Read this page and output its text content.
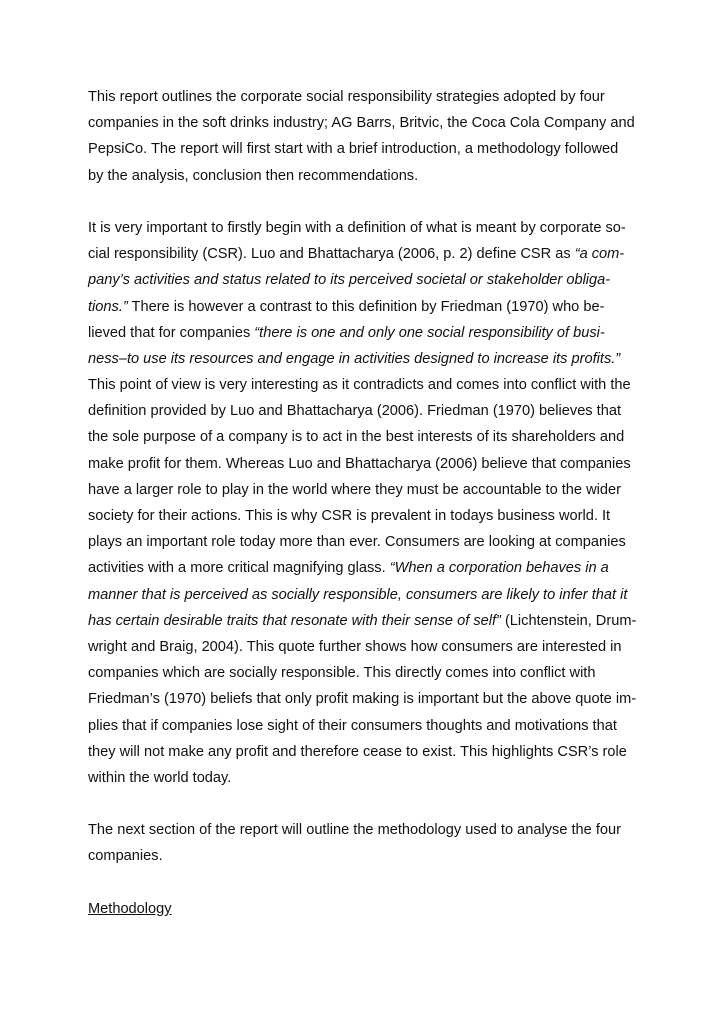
This report outlines the corporate social responsibility strategies adopted by four
companies in the soft drinks industry; AG Barrs, Britvic, the Coca Cola Company and
PepsiCo. The report will first start with a brief introduction, a methodology followed
by the analysis, conclusion then recommendations.
It is very important to firstly begin with a definition of what is meant by corporate so-
cial responsibility (CSR). Luo and Bhattacharya (2006, p. 2) define CSR as “a com-
pany’s activities and status related to its perceived societal or stakeholder obliga-
tions.” There is however a contrast to this definition by Friedman (1970) who be-
lieved that for companies “there is one and only one social responsibility of busi-
ness–to use its resources and engage in activities designed to increase its profits.”
This point of view is very interesting as it contradicts and comes into conflict with the
definition provided by Luo and Bhattacharya (2006). Friedman (1970) believes that
the sole purpose of a company is to act in the best interests of its shareholders and
make profit for them. Whereas Luo and Bhattacharya (2006) believe that companies
have a larger role to play in the world where they must be accountable to the wider
society for their actions. This is why CSR is prevalent in todays business world. It
plays an important role today more than ever. Consumers are looking at companies
activities with a more critical magnifying glass. “When a corporation behaves in a
manner that is perceived as socially responsible, consumers are likely to infer that it
has certain desirable traits that resonate with their sense of self” (Lichtenstein, Drum-
wright and Braig, 2004). This quote further shows how consumers are interested in
companies which are socially responsible. This directly comes into conflict with
Friedman’s (1970) beliefs that only profit making is important but the above quote im-
plies that if companies lose sight of their consumers thoughts and motivations that
they will not make any profit and therefore cease to exist. This highlights CSR’s role
within the world today.
The next section of the report will outline the methodology used to analyse the four
companies.
Methodology
